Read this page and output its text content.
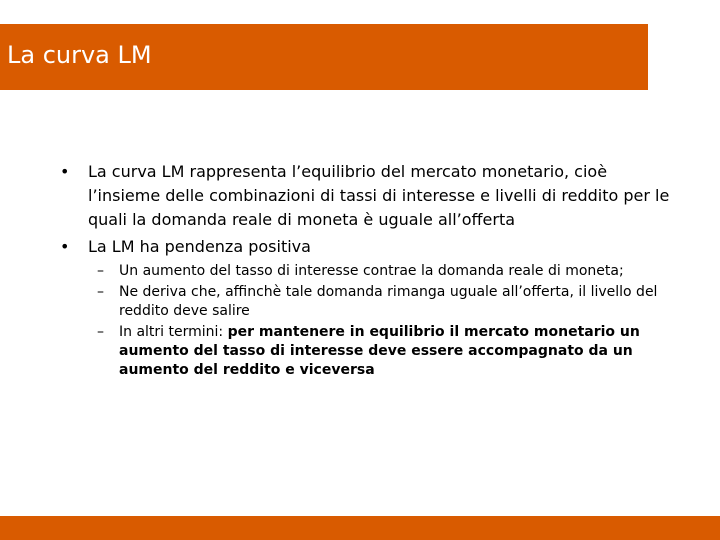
La curva LM
• La curva LM rappresenta l’equilibrio del mercato monetario, cioè l’insieme delle combinazioni di tassi di interesse e livelli di reddito per le quali la domanda reale di moneta è uguale all’offerta
• La LM ha pendenza positiva
– Un aumento del tasso di interesse contrae la domanda reale di moneta;
– Ne deriva che, affinchè tale domanda rimanga uguale all’offerta, il livello del reddito deve salire
– In altri termini: per mantenere in equilibrio il mercato monetario un aumento del tasso di interesse deve essere accompagnato da un aumento del reddito e viceversa
